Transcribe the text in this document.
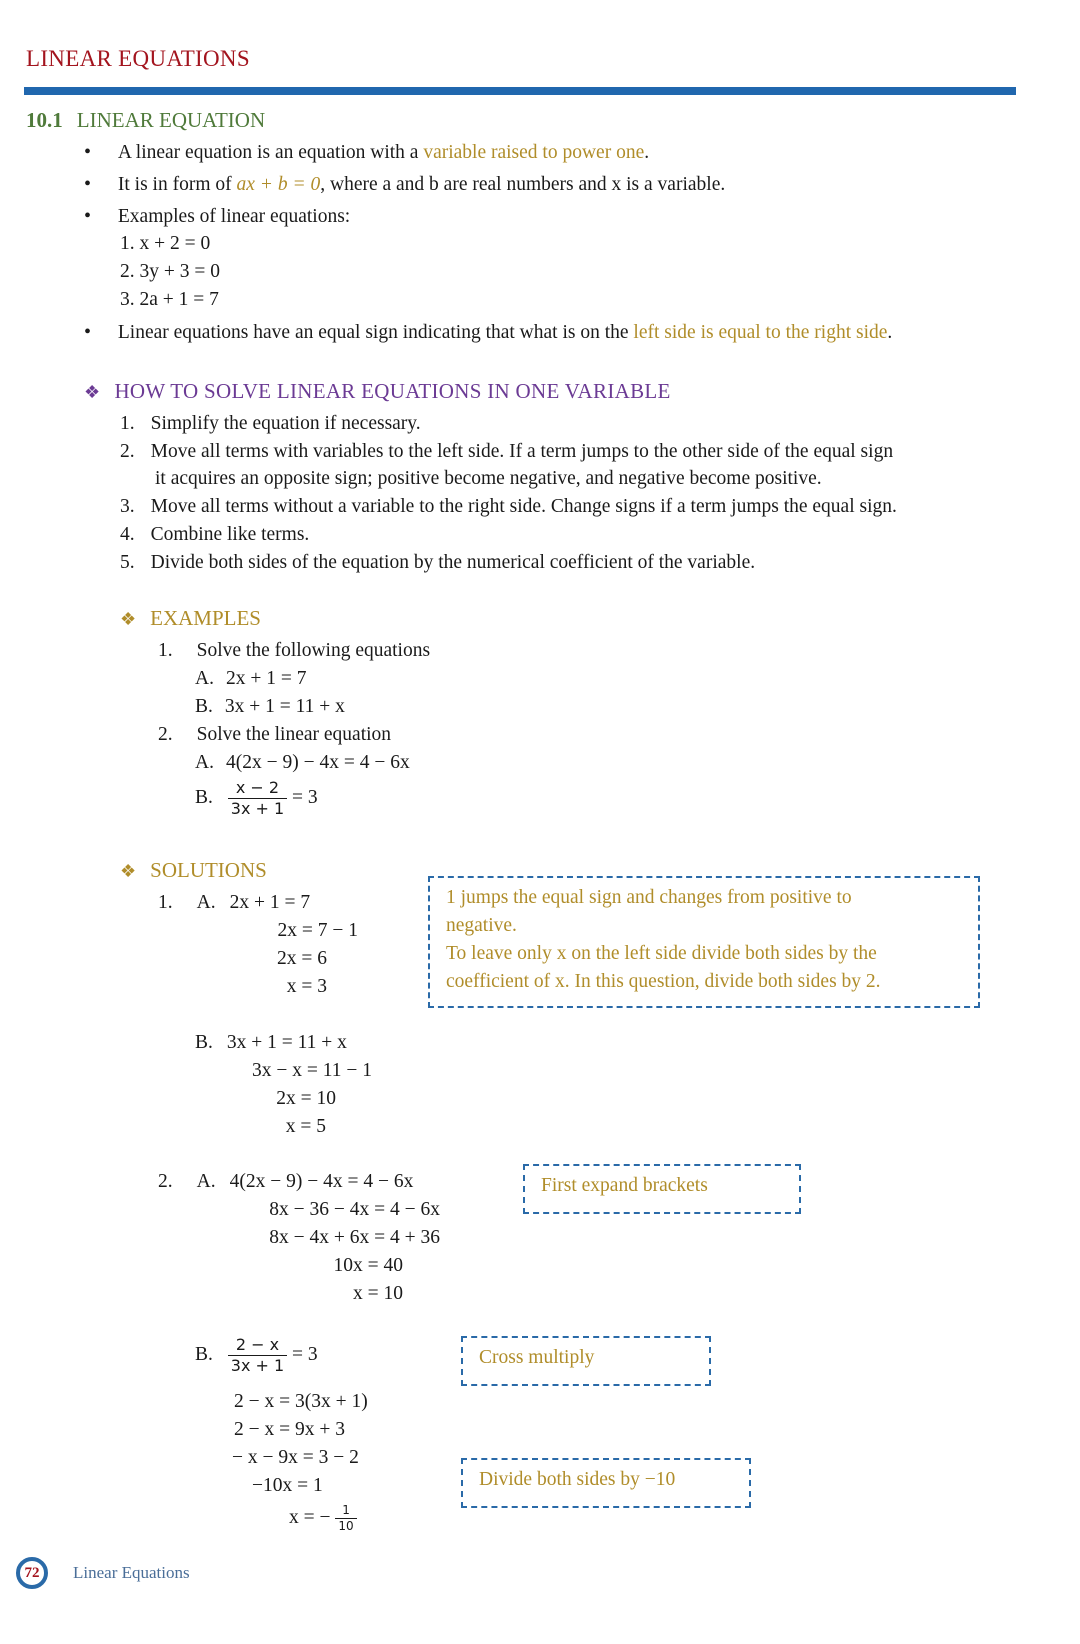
LINEAR EQUATIONS
10.1 LINEAR EQUATION
• A linear equation is an equation with a variable raised to power one.
• It is in form of ax + b = 0, where a and b are real numbers and x is a variable.
• Examples of linear equations:
1. x + 2 = 0
2. 3y + 3 = 0
3. 2a + 1 = 7
• Linear equations have an equal sign indicating that what is on the left side is equal to the right side.
❖ HOW TO SOLVE LINEAR EQUATIONS IN ONE VARIABLE
1. Simplify the equation if necessary.
2. Move all terms with variables to the left side. If a term jumps to the other side of the equal sign
it acquires an opposite sign; positive become negative, and negative become positive.
3. Move all terms without a variable to the right side. Change signs if a term jumps the equal sign.
4. Combine like terms.
5. Divide both sides of the equation by the numerical coefficient of the variable.
❖ EXAMPLES
1. Solve the following equations
A. 2x + 1 = 7
B. 3x + 1 = 11 + x
2. Solve the linear equation
A. 4(2x − 9) − 4x = 4 − 6x
B. $\frac{x - 2}{3x + 1} = 3$
❖ SOLUTIONS
1. A. 2x + 1 = 7
2x = 7 − 1
2x = 6
x = 3
1 jumps the equal sign and changes from positive to
negative.
To leave only x on the left side divide both sides by the
coefficient of x. In this question, divide both sides by 2.
B. 3x + 1 = 11 + x
3x − x = 11 − 1
2x = 10
x = 5
2. A. 4(2x − 9) − 4x = 4 − 6x
8x − 36 − 4x = 4 − 6x
8x − 4x + 6x = 4 + 36
10x = 40
x = 10
First expand brackets
B. $\frac{2 - x}{3x + 1} = 3$
2 − x = 3(3x + 1)
2 − x = 9x + 3
− x − 9x = 3 − 2
−10x = 1
x = − $\frac{1}{10}$
Cross multiply
Divide both sides by −10
72	Linear Equations
